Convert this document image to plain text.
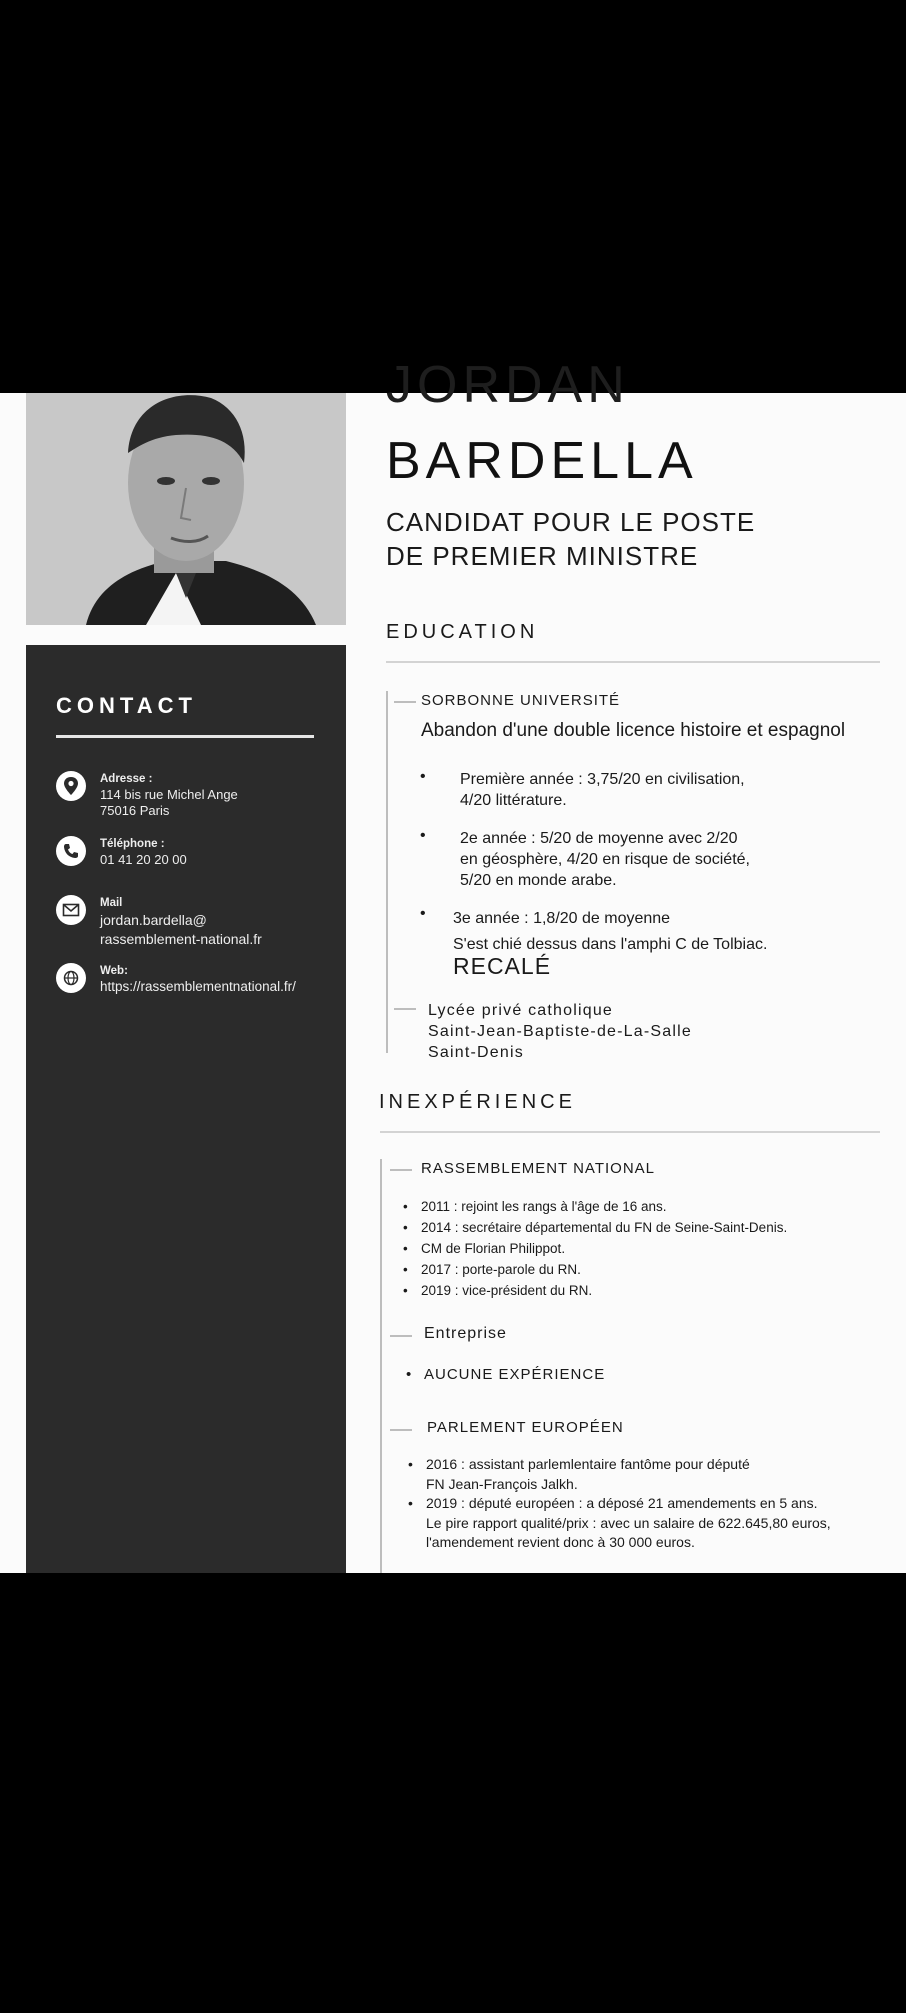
CONTACT
Adresse :
114 bis rue Michel Ange
75016 Paris
Téléphone :
01 41 20 20 00
Mail
jordan.bardella@
rassemblement-national.fr
Web:
https://rassemblementnational.fr/
JORDAN
BARDELLA
CANDIDAT POUR LE POSTE
DE PREMIER MINISTRE
EDUCATION
SORBONNE UNIVERSITÉ
Abandon d'une double licence histoire et espagnol
• Première année : 3,75/20 en civilisation,
4/20 littérature.
• 2e année : 5/20 de moyenne avec 2/20
en géosphère, 4/20 en risque de société,
5/20 en monde arabe.
• 3e année : 1,8/20 de moyenne
S'est chié dessus dans l'amphi C de Tolbiac.
RECALÉ
Lycée privé catholique
Saint-Jean-Baptiste-de-La-Salle
Saint-Denis
INEXPÉRIENCE
RASSEMBLEMENT NATIONAL
• 2011 : rejoint les rangs à l'âge de 16 ans.
• 2014 : secrétaire départemental du FN de Seine-Saint-Denis.
• CM de Florian Philippot.
• 2017 : porte-parole du RN.
• 2019 : vice-président du RN.
Entreprise
• AUCUNE EXPÉRIENCE
PARLEMENT EUROPÉEN
• 2016 : assistant parlemlentaire fantôme pour député
FN Jean-François Jalkh.
• 2019 : député européen : a déposé 21 amendements en 5 ans.
Le pire rapport qualité/prix : avec un salaire de 622.645,80 euros,
l'amendement revient donc à 30 000 euros.
